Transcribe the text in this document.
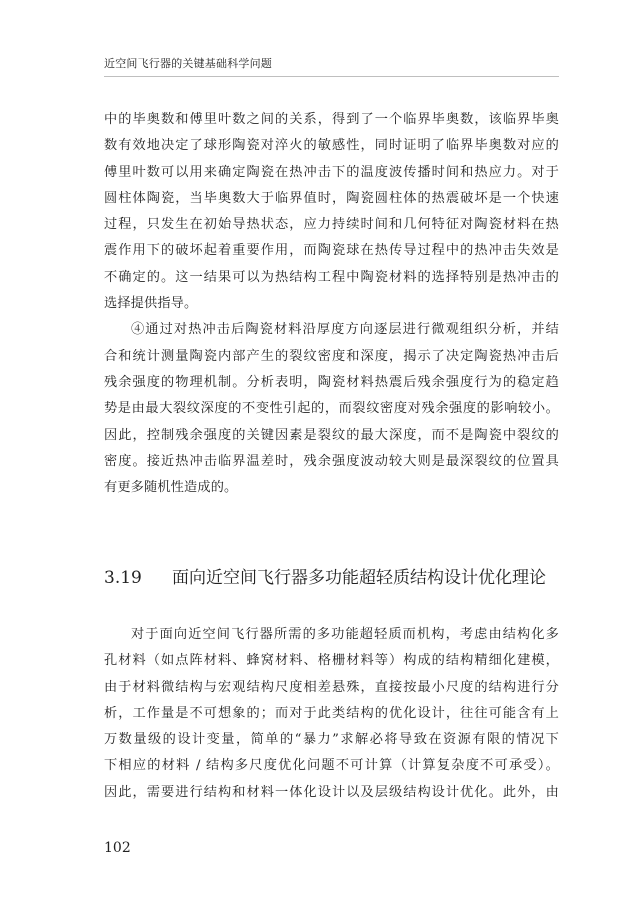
近空间飞行器的关键基础科学问题
中的毕奥数和傅里叶数之间的关系，得到了一个临界毕奥数，该临界毕奥
数有效地决定了球形陶瓷对淬火的敏感性，同时证明了临界毕奥数对应的
傅里叶数可以用来确定陶瓷在热冲击下的温度波传播时间和热应力。对于
圆柱体陶瓷，当毕奥数大于临界值时，陶瓷圆柱体的热震破坏是一个快速
过程，只发生在初始导热状态，应力持续时间和几何特征对陶瓷材料在热
震作用下的破坏起着重要作用，而陶瓷球在热传导过程中的热冲击失效是
不确定的。这一结果可以为热结构工程中陶瓷材料的选择特别是热冲击的
选择提供指导。
④通过对热冲击后陶瓷材料沿厚度方向逐层进行微观组织分析，并结
合和统计测量陶瓷内部产生的裂纹密度和深度，揭示了决定陶瓷热冲击后
残余强度的物理机制。分析表明，陶瓷材料热震后残余强度行为的稳定趋
势是由最大裂纹深度的不变性引起的，而裂纹密度对残余强度的影响较小。
因此，控制残余强度的关键因素是裂纹的最大深度，而不是陶瓷中裂纹的
密度。接近热冲击临界温差时，残余强度波动较大则是最深裂纹的位置具
有更多随机性造成的。
3.19 面向近空间飞行器多功能超轻质结构设计优化理论
对于面向近空间飞行器所需的多功能超轻质而机构，考虑由结构化多
孔材料（如点阵材料、蜂窝材料、格栅材料等）构成的结构精细化建模，
由于材料微结构与宏观结构尺度相差悬殊，直接按最小尺度的结构进行分
析，工作量是不可想象的；而对于此类结构的优化设计，往往可能含有上
万数量级的设计变量，简单的“暴力”求解必将导致在资源有限的情况下
下相应的材料 / 结构多尺度优化问题不可计算（计算复杂度不可承受）。
因此，需要进行结构和材料一体化设计以及层级结构设计优化。此外，由
102
